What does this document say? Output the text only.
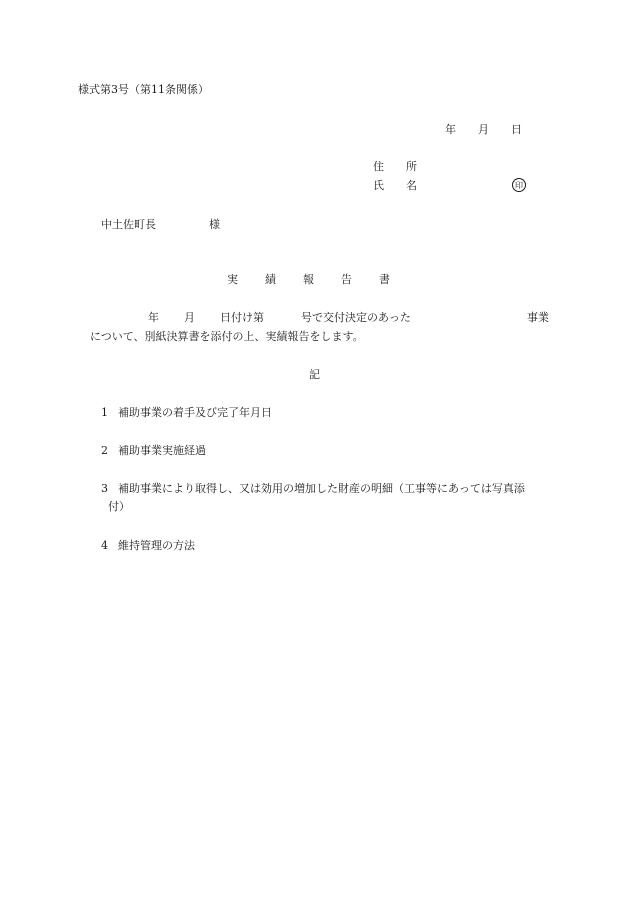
様式第3号（第11条関係）
年 月 日
住 所
氏 名	印
中土佐町長	様
実 績 報 告 書
年 月 日付け第	号で交付決定のあった	事業
について、別紙決算書を添付の上、実績報告をします。
記
1 補助事業の着手及び完了年月日
2 補助事業実施経過
3 補助事業により取得し、又は効用の増加した財産の明細（工事等にあっては写真添
付）
4 維持管理の方法
